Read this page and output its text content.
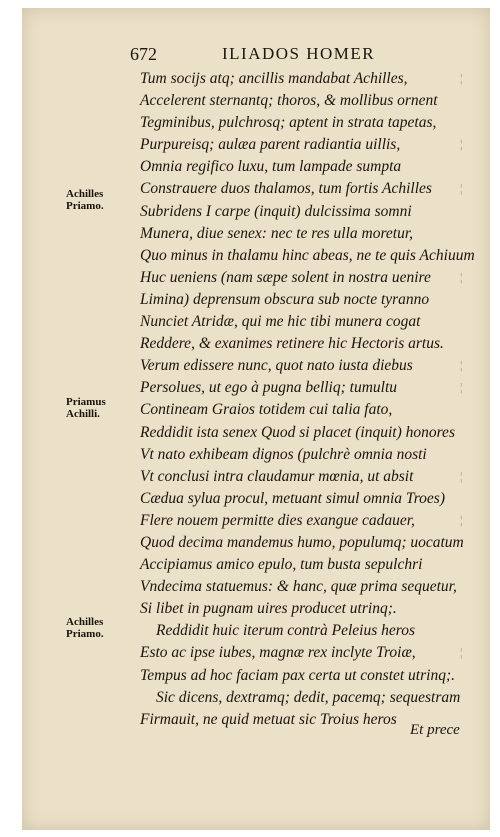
672	ILIADOS HOMER
Achilles
Priamo.
Priamus
Achilli.
Achilles
Priamo.
Tum socijs atq; ancillis mandabat Achilles,	¦
Accelerent sternantq; thoros, & mollibus ornent
Tegminibus, pulchrosq; aptent in strata tapetas,
Purpureisq; aulæa parent radiantia uillis,	¦
Omnia regifico luxu, tum lampade sumpta
Constrauere duos thalamos, tum fortis Achilles ¦
Subridens I carpe (inquit) dulcissima somni
Munera, diue senex: nec te res ulla moretur,
Quo minus in thalamu hinc abeas, ne te quis Achiuum
Huc ueniens (nam sæpe solent in nostra uenire ¦
Limina) deprensum obscura sub nocte tyranno
Nunciet Atridæ, qui me hic tibi munera cogat
Reddere, & exanimes retinere hic Hectoris artus.
Verum edissere nunc, quot nato iusta diebus	¦
Persolues, ut ego à pugna belliq; tumultu	¦
Contineam Graios totidem cui talia fato,
Reddidit ista senex Quod si placet (inquit) honores
Vt nato exhibeam dignos (pulchrè omnia nosti
Vt conclusi intra claudamur mœnia, ut absit	¦
Cædua sylua procul, metuant simul omnia Troes)
Flere nouem permitte dies exangue cadauer,	¦
Quod decima mandemus humo, populumq; uocatum
Accipiamus amico epulo, tum busta sepulchri
Vndecima statuemus: & hanc, quæ prima sequetur,
Si libet in pugnam uires producet utrinq;.
Reddidit huic iterum contrà Peleius heros
Esto ac ipse iubes, magnæ rex inclyte Troiæ,	¦
Tempus ad hoc faciam pax certa ut constet utrinq;.
Sic dicens, dextramq; dedit, pacemq; sequestram
Firmauit, ne quid metuat sic Troius heros
Et prece
